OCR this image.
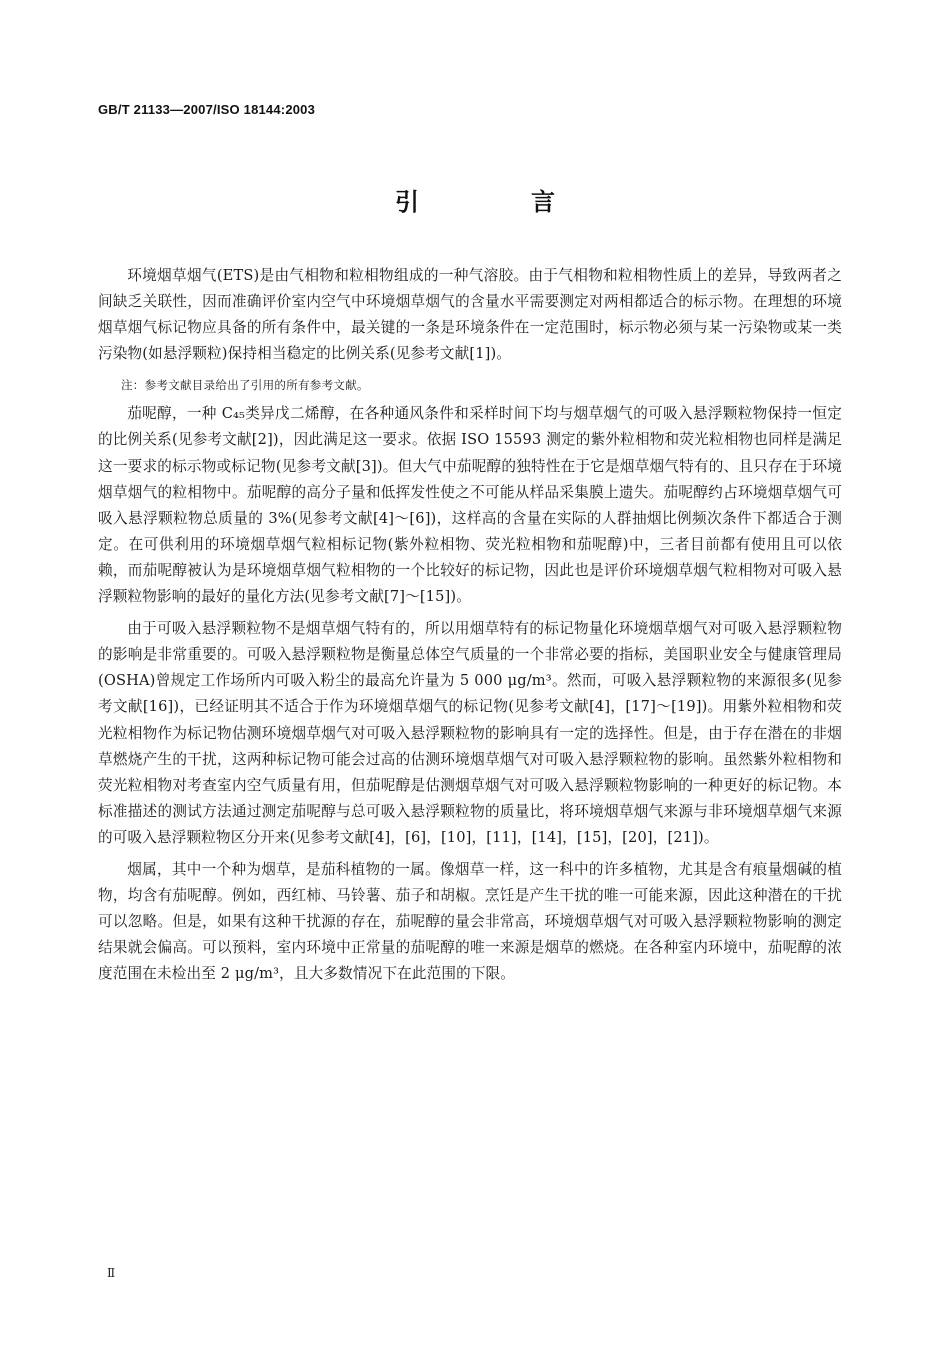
GB/T 21133—2007/ISO 18144:2003
引　言

环境烟草烟气(ETS)是由气相物和粒相物组成的一种气溶胶。由于气相物和粒相物性质上的差异，导致两者之间缺乏关联性，因而准确评价室内空气中环境烟草烟气的含量水平需要测定对两相都适合的标示物。在理想的环境烟草烟气标记物应具备的所有条件中，最关键的一条是环境条件在一定范围时，标示物必须与某一污染物或某一类污染物(如悬浮颗粒)保持相当稳定的比例关系(见参考文献[1])。

注：参考文献目录给出了引用的所有参考文献。

茄呢醇，一种 C₄₅类异戊二烯醇，在各种通风条件和采样时间下均与烟草烟气的可吸入悬浮颗粒物保持一恒定的比例关系(见参考文献[2])，因此满足这一要求。依据 ISO 15593 测定的紫外粒相物和荧光粒相物也同样是满足这一要求的标示物或标记物(见参考文献[3])。但大气中茄呢醇的独特性在于它是烟草烟气特有的、且只存在于环境烟草烟气的粒相物中。茄呢醇的高分子量和低挥发性使之不可能从样品采集膜上遗失。茄呢醇约占环境烟草烟气可吸入悬浮颗粒物总质量的 3%(见参考文献[4]～[6])，这样高的含量在实际的人群抽烟比例频次条件下都适合于测定。在可供利用的环境烟草烟气粒相标记物(紫外粒相物、荧光粒相物和茄呢醇)中，三者目前都有使用且可以依赖，而茄呢醇被认为是环境烟草烟气粒相物的一个比较好的标记物，因此也是评价环境烟草烟气粒相物对可吸入悬浮颗粒物影响的最好的量化方法(见参考文献[7]～[15])。

由于可吸入悬浮颗粒物不是烟草烟气特有的，所以用烟草特有的标记物量化环境烟草烟气对可吸入悬浮颗粒物的影响是非常重要的。可吸入悬浮颗粒物是衡量总体空气质量的一个非常必要的指标，美国职业安全与健康管理局(OSHA)曾规定工作场所内可吸入粉尘的最高允许量为 5 000 μg/m³。然而，可吸入悬浮颗粒物的来源很多(见参考文献[16])，已经证明其不适合于作为环境烟草烟气的标记物(见参考文献[4]，[17]～[19])。用紫外粒相物和荧光粒相物作为标记物估测环境烟草烟气对可吸入悬浮颗粒物的影响具有一定的选择性。但是，由于存在潜在的非烟草燃烧产生的干扰，这两种标记物可能会过高的估测环境烟草烟气对可吸入悬浮颗粒物的影响。虽然紫外粒相物和荧光粒相物对考查室内空气质量有用，但茄呢醇是估测烟草烟气对可吸入悬浮颗粒物影响的一种更好的标记物。本标准描述的测试方法通过测定茄呢醇与总可吸入悬浮颗粒物的质量比，将环境烟草烟气来源与非环境烟草烟气来源的可吸入悬浮颗粒物区分开来(见参考文献[4]，[6]，[10]，[11]，[14]，[15]，[20]，[21])。

烟属，其中一个种为烟草，是茄科植物的一属。像烟草一样，这一科中的许多植物，尤其是含有痕量烟碱的植物，均含有茄呢醇。例如，西红柿、马铃薯、茄子和胡椒。烹饪是产生干扰的唯一可能来源，因此这种潜在的干扰可以忽略。但是，如果有这种干扰源的存在，茄呢醇的量会非常高，环境烟草烟气对可吸入悬浮颗粒物影响的测定结果就会偏高。可以预料，室内环境中正常量的茄呢醇的唯一来源是烟草的燃烧。在各种室内环境中，茄呢醇的浓度范围在未检出至 2 μg/m³，且大多数情况下在此范围的下限。

Ⅱ
